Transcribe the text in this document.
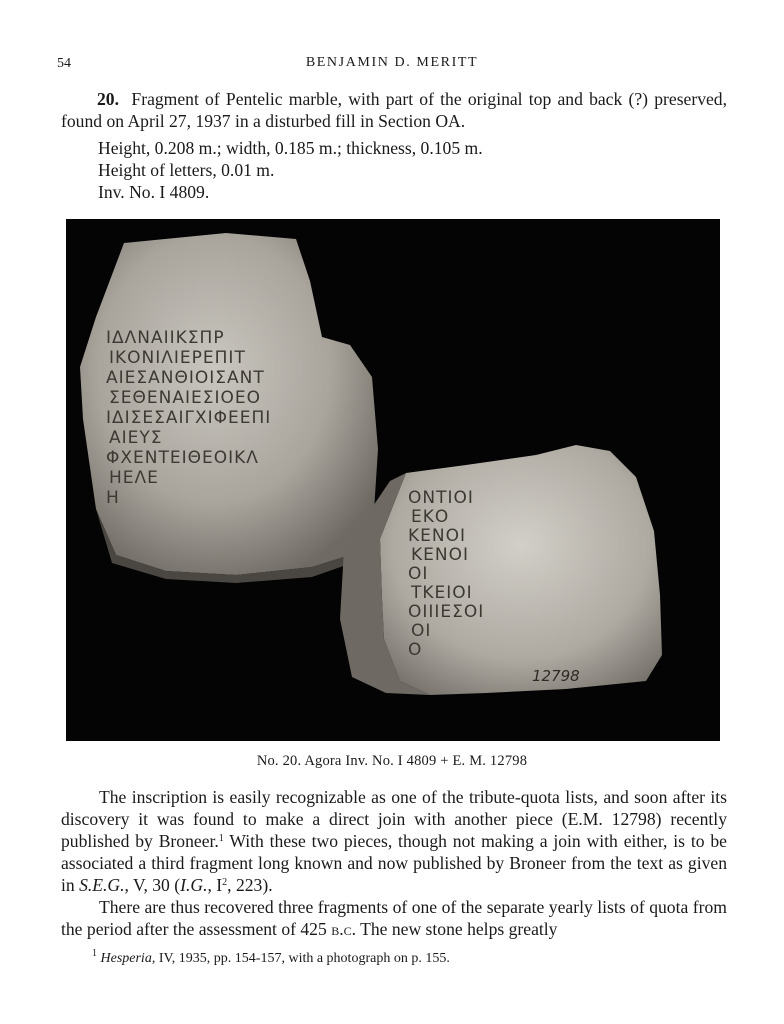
54	BENJAMIN D. MERITT
20. Fragment of Pentelic marble, with part of the original top and back (?) preserved, found on April 27, 1937 in a disturbed fill in Section OA.
Height, 0.208 m.; width, 0.185 m.; thickness, 0.105 m.
Height of letters, 0.01 m.
Inv. No. I 4809.
ΙΔΛΝΑΙΙΚΣΠΡ
ΙΚΟΝΙΛΙΕΡΕΠΙΤ
ΑΙΕΣΑΝΘΙΟΙΣΑΝΤ
ΣΕΘΕΝΑΙΕΣΙΟΕΟ
ΙΔΙΣΕΣΑΙΓΧΙΦΕΕΠΙ
ΑΙΕΥΣ
ΦΧΕΝΤΕΙΘΕΟΙΚΛ
ΗΕΛΕ
Η	ΟΝΤΙΟΙ
ΕΚΟ
ΚΕΝΟΙ
ΚΕΝΟΙ
ΟΙ
ΤΚΕΙΟΙ
ΟΙΙΙΕΣΟΙ
ΟΙ
Ο
12798
No. 20. Agora Inv. No. I 4809 + E. M. 12798

The inscription is easily recognizable as one of the tribute-quota lists, and soon after its discovery it was found to make a direct join with another piece (E.M. 12798) recently published by Broneer.$^1$ With these two pieces, though not making a join with either, is to be associated a third fragment long known and now published by Broneer from the text as given in S.E.G., V, 30 (I.G., $I^2$, 223).

There are thus recovered three fragments of one of the separate yearly lists of quota from the period after the assessment of 425 b.c. The new stone helps greatly

$^1$ Hesperia, IV, 1935, pp. 154-157, with a photograph on p. 155.
